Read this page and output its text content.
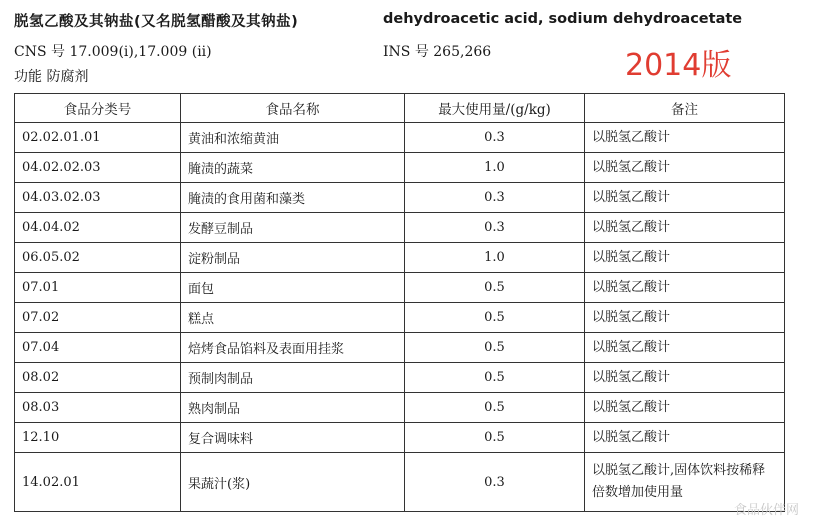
脱氢乙酸及其钠盐(又名脱氢醋酸及其钠盐)	dehydroacetic acid, sodium dehydroacetate
CNS 号 17.009(i),17.009 (ii)	INS 号 265,266
功能 防腐剂	2014版
食品分类号	食品名称	最大使用量/(g/kg)	备注
02.02.01.01	黄油和浓缩黄油	0.3	以脱氢乙酸计
04.02.02.03	腌渍的蔬菜	1.0	以脱氢乙酸计
04.03.02.03	腌渍的食用菌和藻类	0.3	以脱氢乙酸计
04.04.02	发酵豆制品	0.3	以脱氢乙酸计
06.05.02	淀粉制品	1.0	以脱氢乙酸计
07.01	面包	0.5	以脱氢乙酸计
07.02	糕点	0.5	以脱氢乙酸计
07.04	焙烤食品馅料及表面用挂浆	0.5	以脱氢乙酸计
08.02	预制肉制品	0.5	以脱氢乙酸计
08.03	熟肉制品	0.5	以脱氢乙酸计
12.10	复合调味料	0.5	以脱氢乙酸计
14.02.01	果蔬汁(浆)	0.3	以脱氢乙酸计,固体饮料按稀释倍数增加使用量
食品伙伴网
